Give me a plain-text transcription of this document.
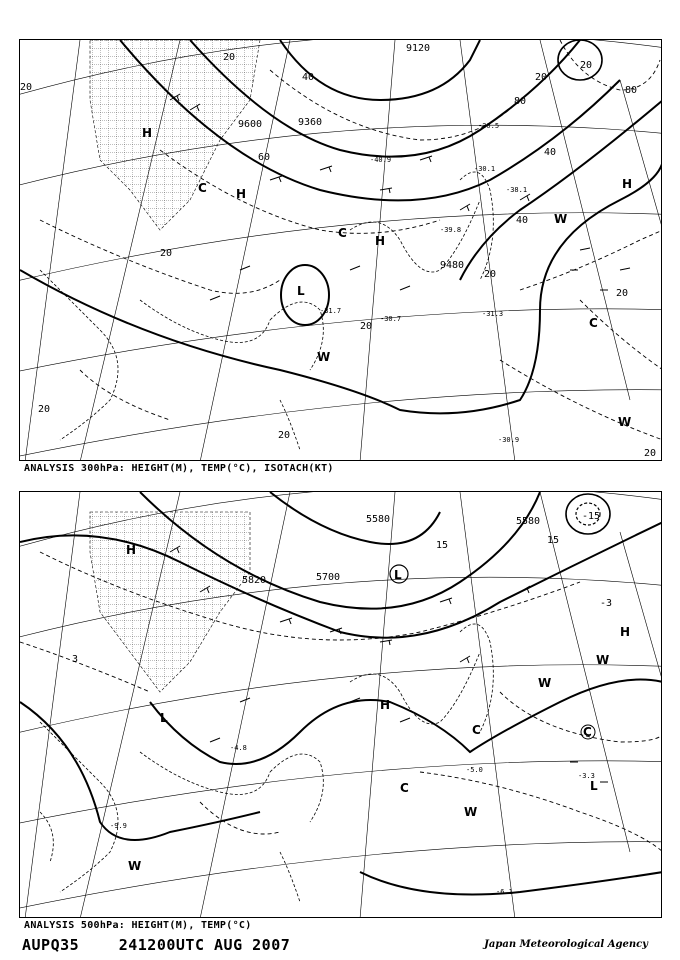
L
H
H
H
H
C
C
C
W
W
W
9120
9600	9360
9480
20
40
60
80
20
40
80
40
20
20
20
20
20
20
-31.3
-30.1
-31.7
-30.9
-30.5
-40.9
-38.1
-39.8
-30.7
20
20
20
ANALYSIS 300hPa: HEIGHT(M), TEMP(°C), ISOTACH(KT)
L
L
L
H
H
H
C	C
C
W
W
W
W
5580
5820	5700
5580
15
-15
3
-3
15
-3.3
-5.0
-4.8
-6.1
-9.9
ANALYSIS 500hPa: HEIGHT(M), TEMP(°C)
AUPQ35	241200UTC AUG 2007	Japan Meteorological Agency
